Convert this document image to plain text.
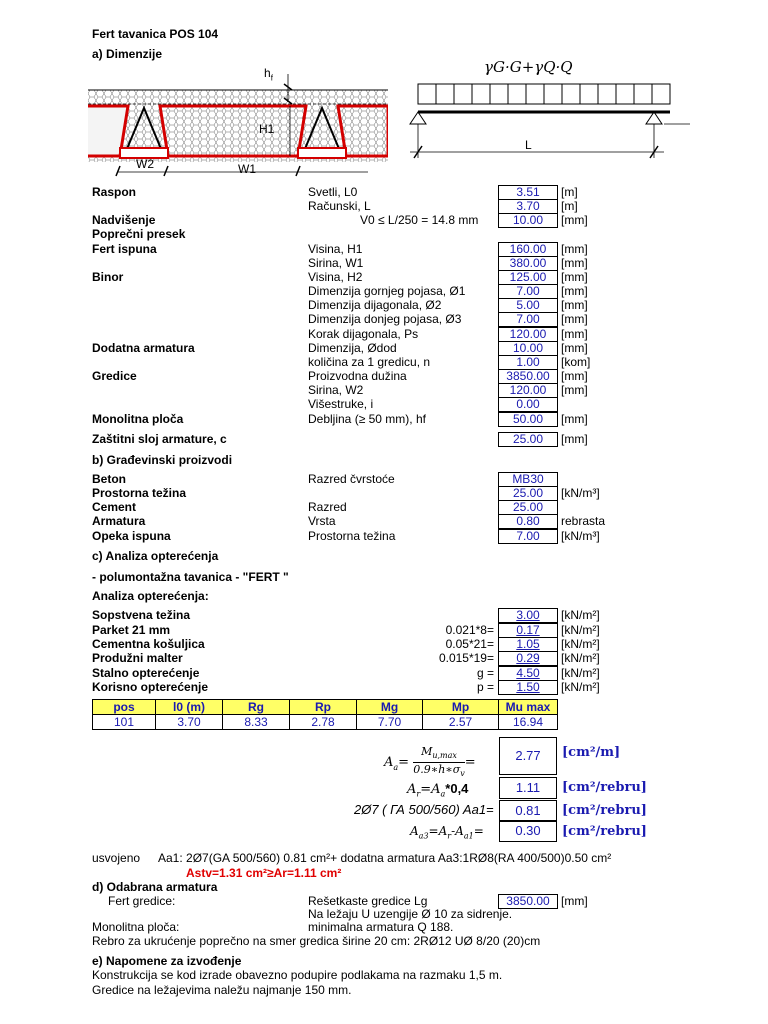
Fert tavanica POS 104
a) Dimenzije
$h_f$
H1
W2	W1
γG·G+γQ·Q
L
Raspon	Svetli, L0	3.51	[m]
Računski, L	3.70	[m]
Nadvišenje	V0 ≤ L/250 = 14.8 mm	10.00	[mm]
Poprečni presek
Fert ispuna	Visina, H1	160.00	[mm]
Sirina, W1	380.00	[mm]
Binor	Visina, H2	125.00	[mm]
Dimenzija gornjeg pojasa, Ø1	7.00	[mm]
Dimenzija dijagonala, Ø2	5.00	[mm]
Dimenzija donjeg pojasa, Ø3	7.00	[mm]
Korak dijagonala, Ps	120.00	[mm]
Dodatna armatura	Dimenzija, Ødod	10.00	[mm]
količina za 1 gredicu, n	1.00	[kom]
Gredice	Proizvodna dužina	3850.00 [mm]
Sirina, W2	120.00	[mm]
Višestruke, i	0.00
Monolitna ploča	Debljina (≥ 50 mm), hf	50.00	[mm]
Zaštitni sloj armature, c	25.00	[mm]
b) Građevinski proizvodi
Beton	Razred čvrstoće	MB30
Prostorna težina	25.00	[kN/m³]
Cement	Razred	25.00
Armatura	Vrsta	0.80	rebrasta
Opeka ispuna	Prostorna težina	7.00	[kN/m³]
c) Analiza opterećenja
- polumontažna tavanica - "FERT "
Analiza opterećenja:
Sopstvena težina	3.00	[kN/m²]
Parket 21 mm	0.021*8=	0.17	[kN/m²]
Cementna košuljica	0.05*21=	1.05	[kN/m²]
Produžni malter	0.015*19=	0.29	[kN/m²]
Stalno opterećenje	g =	4.50	[kN/m²]
Korisno opterećenje	p =	1.50	[kN/m²]
pos	l0 (m)	Rg	Rp	Mg	Mp	Mu max
101	3.70	8.33	2.78	7.70	2.57	16.94
$A_a=$
$M_{u,max}$
$0.9∗h∗\sigma_v$
=	2.77	[cm²/m]
$A_r=A_a*0,4$	1.11	[cm²/rebru]
2Ø7 ( ГА 500/560) Aa1=	0.81	[cm²/rebru]
$A_{a3}=A_r-A_{a1}=$	0.30	[cm²/rebru]
usvojeno Aa1: 2Ø7(GA 500/560) 0.81 cm²+ dodatna armatura Aa3:1RØ8(RA 400/500)0.50 cm²
Astv=1.31 cm²≥Ar=1.11 cm²
d) Odabrana armatura
Fert gredice:	Rešetkaste gredice Lg	3850.00 [mm]
Na ležaju U uzengije Ø 10 za sidrenje.
Monolitna ploča:	minimalna armatura Q 188.
Rebro za ukrućenje poprečno na smer gredica širine 20 cm: 2RØ12 UØ 8/20 (20)cm
e) Napomene za izvođenje
Konstrukcija se kod izrade obavezno podupire podlakama na razmaku 1,5 m.
Gredice na ležajevima naležu najmanje 150 mm.
